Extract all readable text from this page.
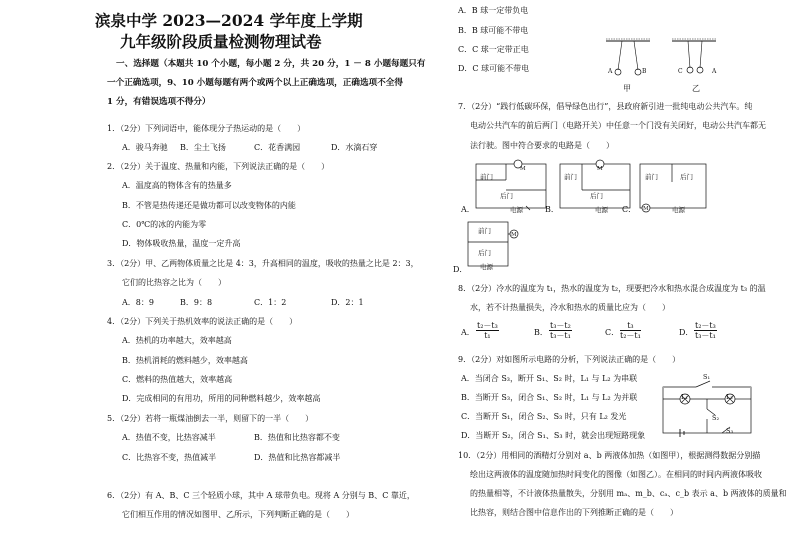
滨泉中学 2023—2024 学年度上学期
九年级阶段质量检测物理试卷
一、选择题（本题共 10 个小题，每小题 2 分，共 20 分，1 － 8 小题每题只有
一个正确选项，9、10 小题每题有两个或两个以上正确选项，正确选项不全得
1 分，有错误选项不得分）
1．（2分）下列词语中，能体现分子热运动的是（　　）
A．骏马奔驰 B．尘土飞扬	C．花香满园	D．水滴石穿
2．（2分）关于温度、热量和内能，下列说法正确的是（　　）
A．温度高的物体含有的热量多
B．不管是热传递还是做功都可以改变物体的内能
C．0℃的冰的内能为零
D．物体吸收热量，温度一定升高
3．（2分）甲、乙两物体质量之比是 4：3，升高相同的温度，吸收的热量之比是 2：3，
它们的比热容之比为（　　）
A．8：9	B．9：8	C．1：2	D．2：1
4．（2分）下列关于热机效率的说法正确的是（　　）
A．热机的功率越大，效率越高
B．热机消耗的燃料越少，效率越高
C．燃料的热值越大，效率越高
D．完成相同的有用功，所用的同种燃料越少，效率越高
5．（2分）若将一瓶煤油倒去一半，则留下的一半（　　）
A．热值不变，比热容减半	B．热值和比热容都不变
C．比热容不变，热值减半	D．热值和比热容都减半
6．（2分）有 A、B、C 三个轻质小球，其中 A 球带负电。现将 A 分别与 B、C 靠近，
它们相互作用的情况如图甲、乙所示，下列判断正确的是（　　）
A．B 球一定带负电
B．B 球可能不带电
C．C 球一定带正电
D．C 球可能不带电	A	B	C	A
甲	乙
7．（2分）“践行低碳环保，倡导绿色出行”，县政府新引进一批纯电动公共汽车。纯
电动公共汽车的前后两门（电路开关）中任意一个门没有关闭好，电动公共汽车都无
法行驶。图中符合要求的电路是（　　）
前门
后门
M
电源
A．
前门
后门
M
电源
B．
前门	后门
M	电源
C．
前门
后门
M
电源
D．
8．（2分）冷水的温度为 t₁，热水的温度为 t₂，现要把冷水和热水混合成温度为 t₃ 的温
水，若不计热量损失，冷水和热水的质量比应为（　　）
A． $\frac{\text{t₂－t₃}}{\text{t₁}}$	B． $\frac{\text{t₃－t₂}}{\text{t₃－t₁}}$	C． $\frac{\text{t₃}}{\text{t₂－t₁}}$	D． $\frac{\text{t₂－t₃}}{\text{t₃－t₁}}$
9．（2分）对如图所示电路的分析，下列说法正确的是（　　）
A．当闭合 S₃，断开 S₁、S₂ 时，L₁ 与 L₂ 为串联
B．当断开 S₃，闭合 S₁、S₂ 时，L₁ 与 L₂ 为并联
C．当断开 S₁，闭合 S₂、S₃ 时，只有 L₂ 发光
D．当断开 S₂，闭合 S₁、S₃ 时，就会出现短路现象
L₁	L₂
S₁
S₂
S₃
10．（2分）用相同的酒精灯分别对 a、b 两液体加热（如图甲），根据测得数据分别描
绘出这两液体的温度随加热时间变化的图像（如图乙）。在相同的时间内两液体吸收
的热量相等，不计液体热量散失，分别用 mₐ、m_b、cₐ、c_b 表示 a、b 两液体的质量和
比热容，则结合图中信息作出的下列推断正确的是（　　）
